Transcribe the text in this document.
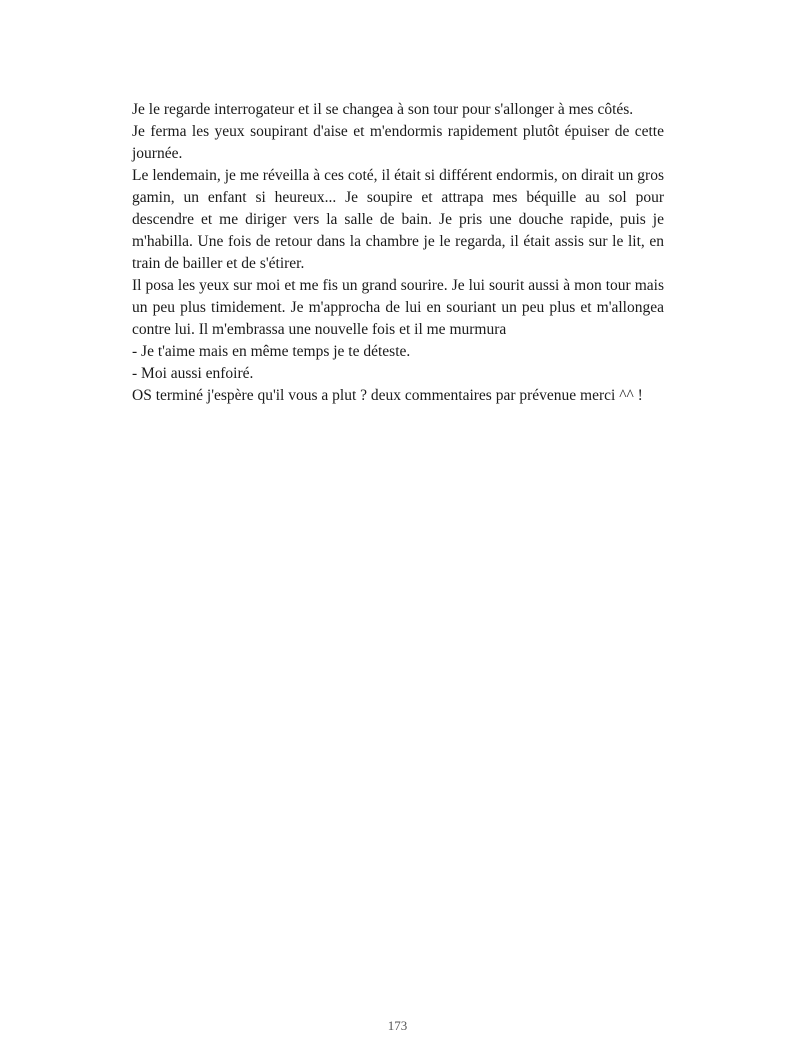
Je le regarde interrogateur et il se changea à son tour pour s'allonger à mes côtés.

Je ferma les yeux soupirant d'aise et m'endormis rapidement plutôt épuiser de cette journée.

Le lendemain, je me réveilla à ces coté, il était si différent endormis, on dirait un gros gamin, un enfant si heureux... Je soupire et attrapa mes béquille au sol pour descendre et me diriger vers la salle de bain. Je pris une douche rapide, puis je m'habilla. Une fois de retour dans la chambre je le regarda, il était assis sur le lit, en train de bailler et de s'étirer.

Il posa les yeux sur moi et me fis un grand sourire. Je lui sourit aussi à mon tour mais un peu plus timidement. Je m'approcha de lui en souriant un peu plus et m'allongea contre lui. Il m'embrassa une nouvelle fois et il me murmura

- Je t'aime mais en même temps je te déteste.

- Moi aussi enfoiré.

OS terminé j'espère qu'il vous a plut ? deux commentaires par prévenue merci ^^ !

173
